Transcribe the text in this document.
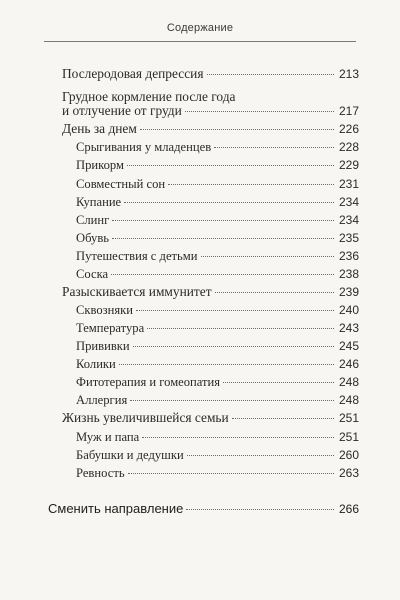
Содержание
Послеродовая депрессия	213
Грудное кормление после года
и отлучение от груди	217
День за днем	226
Срыгивания у младенцев	228
Прикорм	229
Совместный сон	231
Купание	234
Слинг	234
Обувь	235
Путешествия с детьми	236
Соска	238
Разыскивается иммунитет	239
Сквозняки	240
Температура	243
Прививки	245
Колики	246
Фитотерапия и гомеопатия	248
Аллергия	248
Жизнь увеличившейся семьи	251
Муж и папа	251
Бабушки и дедушки	260
Ревность	263
Сменить направление	266
